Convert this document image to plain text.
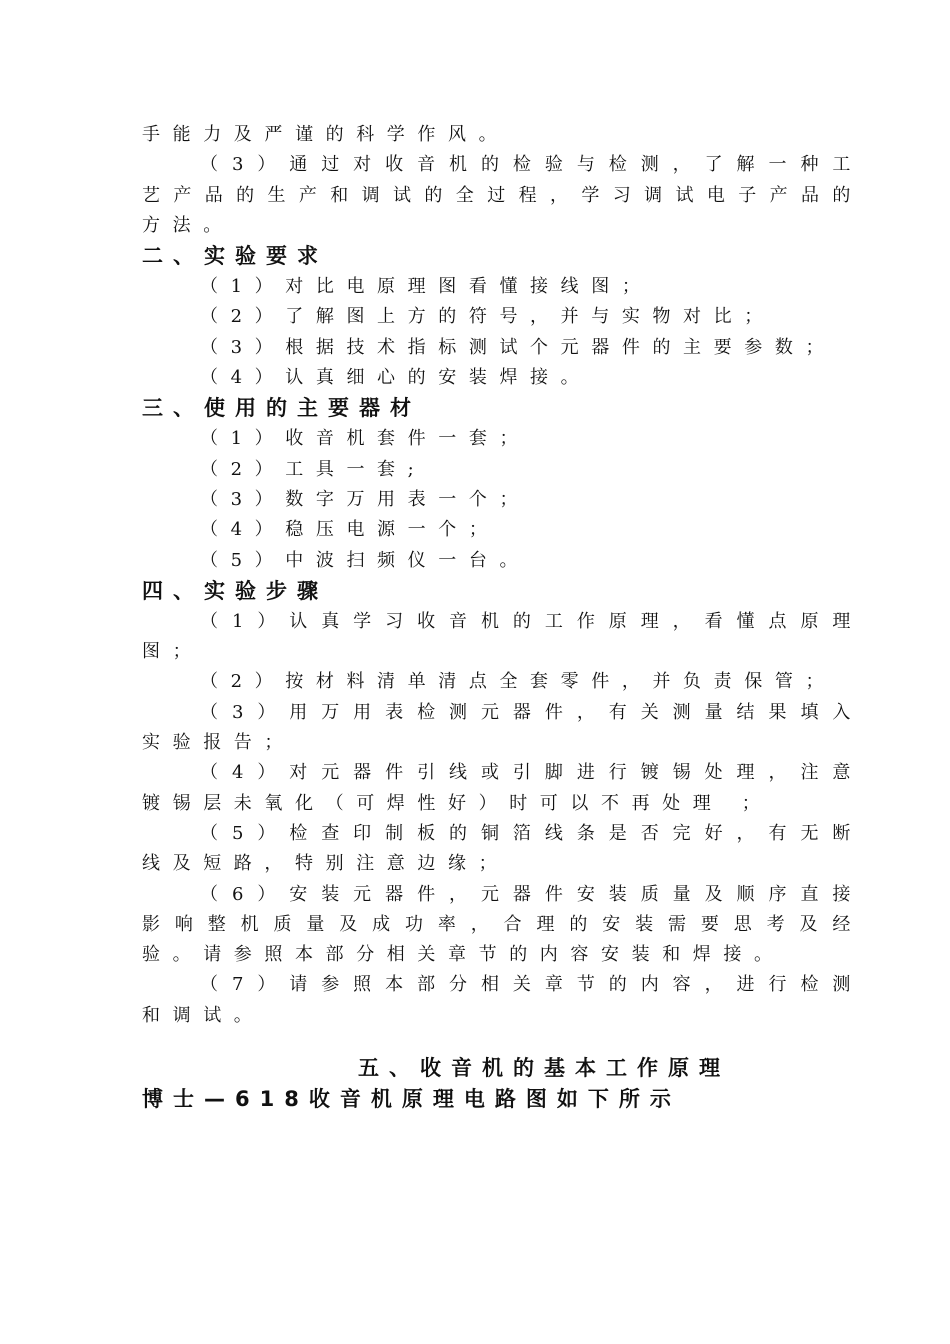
手能力及严谨的科学作风。

（3）通过对收音机的检验与检测，了解一种工艺产品的生产和调试的全过程，学习调试电子产品的方法。

二、实验要求

（1）对比电原理图看懂接线图；

（2）了解图上方的符号，并与实物对比；

（3）根据技术指标测试个元器件的主要参数；

（4）认真细心的安装焊接。

三、使用的主要器材

（1）收音机套件一套；

（2）工具一套;

（3）数字万用表一个；

（4）稳压电源一个；

（5）中波扫频仪一台。

四、实验步骤

（1）认真学习收音机的工作原理，看懂点原理图；

（2）按材料清单清点全套零件，并负责保管；

（3）用万用表检测元器件，有关测量结果填入实验报告；

（4）对元器件引线或引脚进行镀锡处理，注意镀锡层未氧化（可焊性好）时可以不再处理 ；

（5）检查印制板的铜箔线条是否完好，有无断线及短路，特别注意边缘；

（6）安装元器件，元器件安装质量及顺序直接影响整机质量及成功率，合理的安装需要思考及经验。请参照本部分相关章节的内容安装和焊接。

（7）请参照本部分相关章节的内容，进行检测和调试。

五、收音机的基本工作原理

博士—618收音机原理电路图如下所示
